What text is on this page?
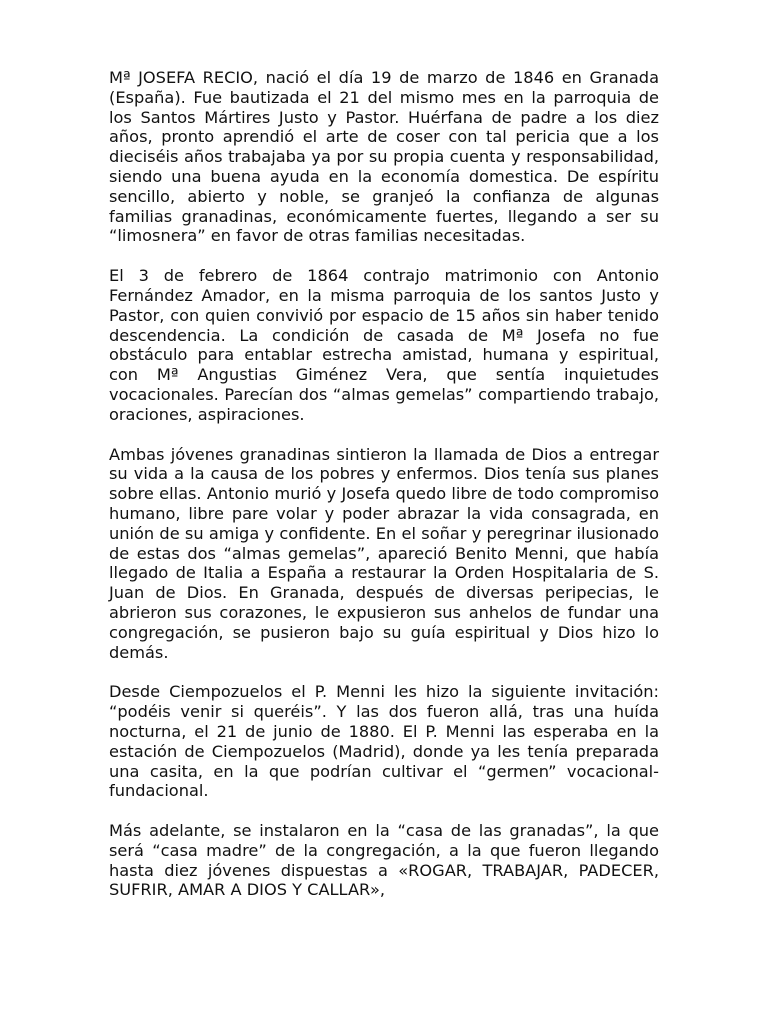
Mª JOSEFA RECIO, nació el día 19 de marzo de 1846 en Granada (España). Fue bautizada el 21 del mismo mes en la parroquia de los Santos Mártires Justo y Pastor. Huérfana de padre a los diez años, pronto aprendió el arte de coser con tal pericia que a los dieciséis años trabajaba ya por su propia cuenta y responsabilidad, siendo una buena ayuda en la economía domestica. De espíritu sencillo, abierto y noble, se granjeó la confianza de algunas familias granadinas, económicamente fuertes, llegando a ser su “limosnera” en favor de otras familias necesitadas.

El 3 de febrero de 1864 contrajo matrimonio con Antonio Fernández Amador, en la misma parroquia de los santos Justo y Pastor, con quien convivió por espacio de 15 años sin haber tenido descendencia. La condición de casada de Mª Josefa no fue obstáculo para entablar estrecha amistad, humana y espiritual, con Mª Angustias Giménez Vera, que sentía inquietudes vocacionales. Parecían dos “almas gemelas” compartiendo trabajo, oraciones, aspiraciones.

Ambas jóvenes granadinas sintieron la llamada de Dios a entregar su vida a la causa de los pobres y enfermos. Dios tenía sus planes sobre ellas. Antonio murió y Josefa quedo libre de todo compromiso humano, libre pare volar y poder abrazar la vida consagrada, en unión de su amiga y confidente. En el soñar y peregrinar ilusionado de estas dos “almas gemelas”, apareció Benito Menni, que había llegado de Italia a España a restaurar la Orden Hospitalaria de S. Juan de Dios. En Granada, después de diversas peripecias, le abrieron sus corazones, le expusieron sus anhelos de fundar una congregación, se pusieron bajo su guía espiritual y Dios hizo lo demás.

Desde Ciempozuelos el P. Menni les hizo la siguiente invitación: “podéis venir si queréis”. Y las dos fueron allá, tras una huída nocturna, el 21 de junio de 1880. El P. Menni las esperaba en la estación de Ciempozuelos (Madrid), donde ya les tenía preparada una casita, en la que podrían cultivar el “germen” vocacional-fundacional.

Más adelante, se instalaron en la “casa de las granadas”, la que será “casa madre” de la congregación, a la que fueron llegando hasta diez jóvenes dispuestas a «ROGAR, TRABAJAR, PADECER, SUFRIR, AMAR A DIOS Y CALLAR»,
